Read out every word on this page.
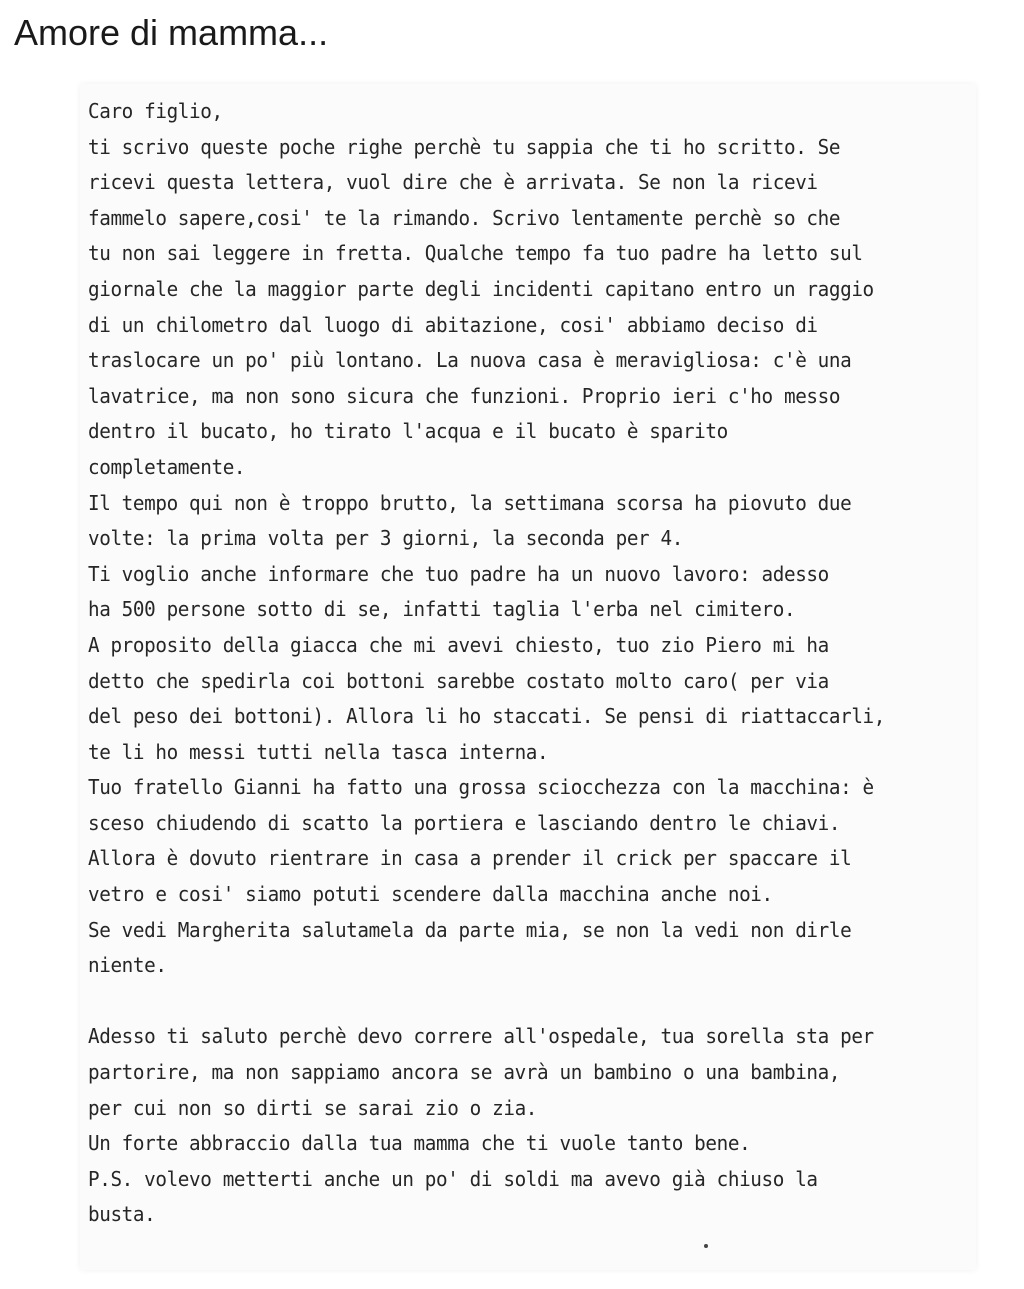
Amore di mamma...
Caro figlio,
ti scrivo queste poche righe perchè tu sappia che ti ho scritto. Se
ricevi questa lettera, vuol dire che è arrivata. Se non la ricevi
fammelo sapere,cosi' te la rimando. Scrivo lentamente perchè so che
tu non sai leggere in fretta. Qualche tempo fa tuo padre ha letto sul
giornale che la maggior parte degli incidenti capitano entro un raggio
di un chilometro dal luogo di abitazione, cosi' abbiamo deciso di
traslocare un po' più lontano. La nuova casa è meravigliosa: c'è una
lavatrice, ma non sono sicura che funzioni. Proprio ieri c'ho messo
dentro il bucato, ho tirato l'acqua e il bucato è sparito
completamente.
Il tempo qui non è troppo brutto, la settimana scorsa ha piovuto due
volte: la prima volta per 3 giorni, la seconda per 4.
Ti voglio anche informare che tuo padre ha un nuovo lavoro: adesso
ha 500 persone sotto di se, infatti taglia l'erba nel cimitero.
A proposito della giacca che mi avevi chiesto, tuo zio Piero mi ha
detto che spedirla coi bottoni sarebbe costato molto caro( per via
del peso dei bottoni). Allora li ho staccati. Se pensi di riattaccarli,
te li ho messi tutti nella tasca interna.
Tuo fratello Gianni ha fatto una grossa sciocchezza con la macchina: è
sceso chiudendo di scatto la portiera e lasciando dentro le chiavi.
Allora è dovuto rientrare in casa a prender il crick per spaccare il
vetro e cosi' siamo potuti scendere dalla macchina anche noi.
Se vedi Margherita salutamela da parte mia, se non la vedi non dirle
niente.
Adesso ti saluto perchè devo correre all'ospedale, tua sorella sta per
partorire, ma non sappiamo ancora se avrà un bambino o una bambina,
per cui non so dirti se sarai zio o zia.
Un forte abbraccio dalla tua mamma che ti vuole tanto bene.
P.S. volevo metterti anche un po' di soldi ma avevo già chiuso la
busta.
